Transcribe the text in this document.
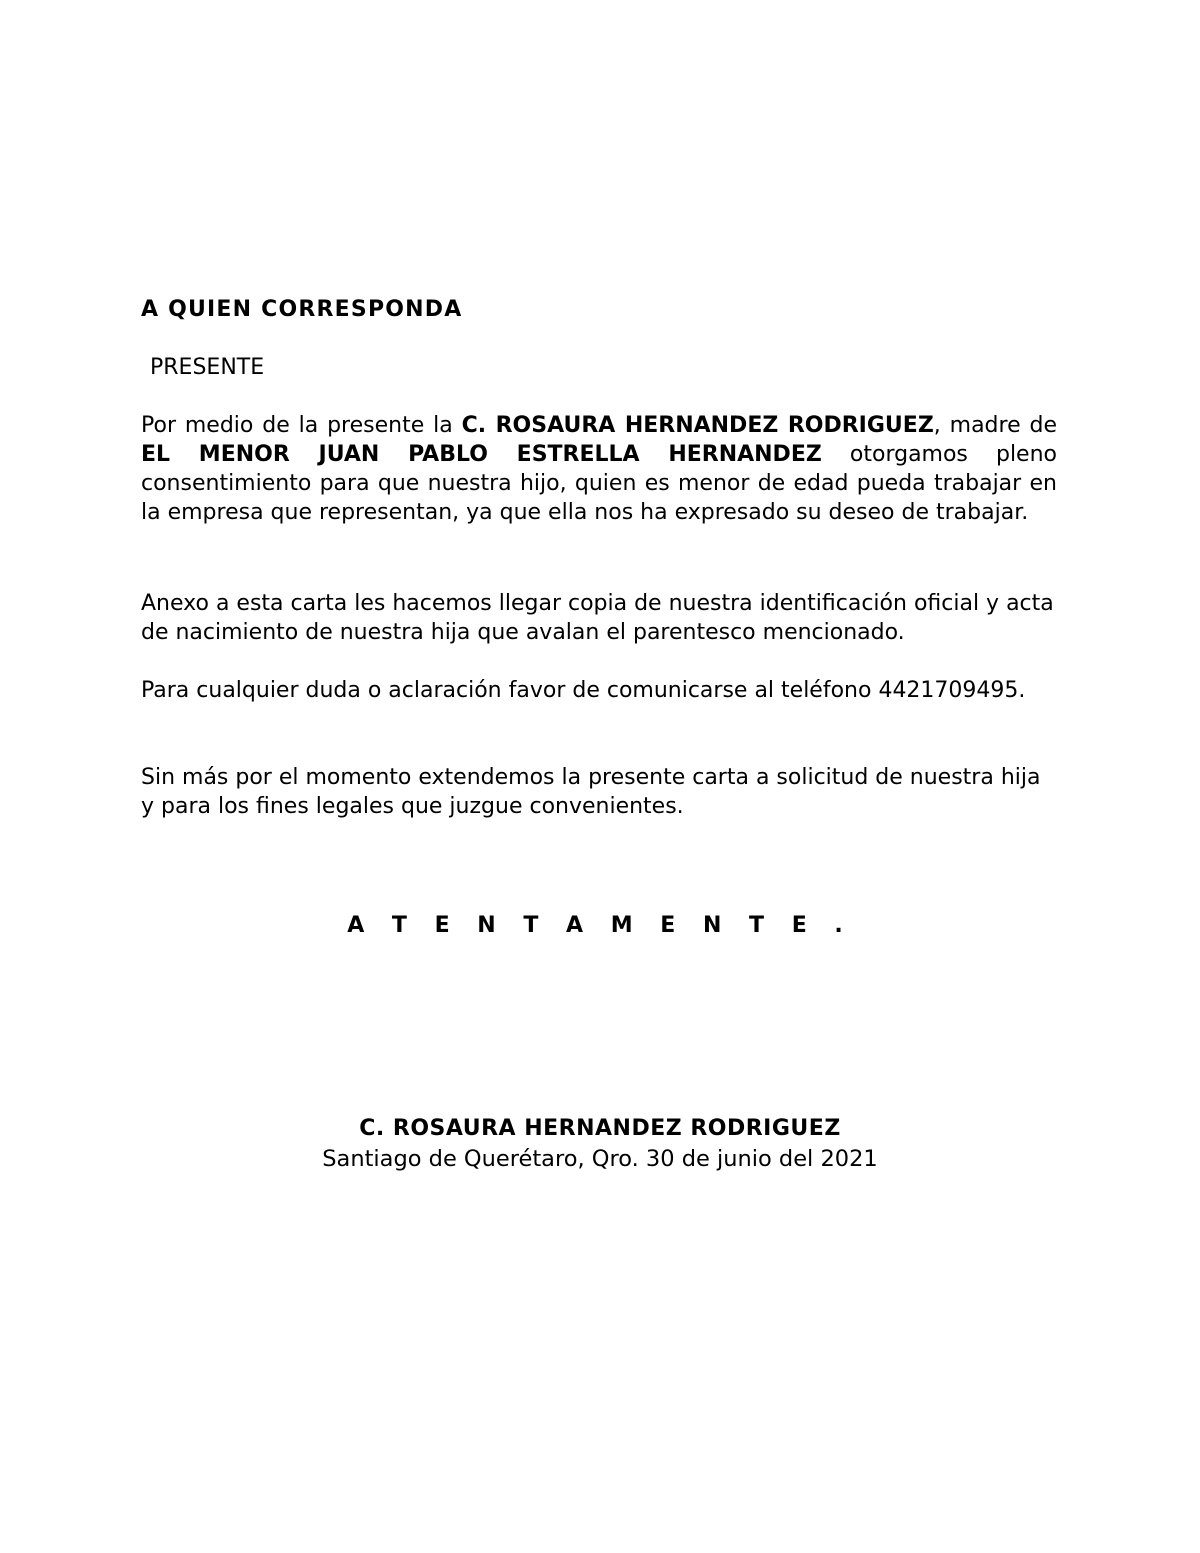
A QUIEN CORRESPONDA

PRESENTE

Por medio de la presente la C. ROSAURA HERNANDEZ RODRIGUEZ, madre de EL MENOR JUAN PABLO ESTRELLA HERNANDEZ otorgamos pleno consentimiento para que nuestra hijo, quien es menor de edad pueda trabajar en la empresa que representan, ya que ella nos ha expresado su deseo de trabajar.

Anexo a esta carta les hacemos llegar copia de nuestra identificación oficial y acta de nacimiento de nuestra hija que avalan el parentesco mencionado.

Para cualquier duda o aclaración favor de comunicarse al teléfono 4421709495.

Sin más por el momento extendemos la presente carta a solicitud de nuestra hija y para los fines legales que juzgue convenientes.

A T E N T A M E N T E .
C. ROSAURA HERNANDEZ RODRIGUEZ
Santiago de Querétaro, Qro. 30 de junio del 2021
